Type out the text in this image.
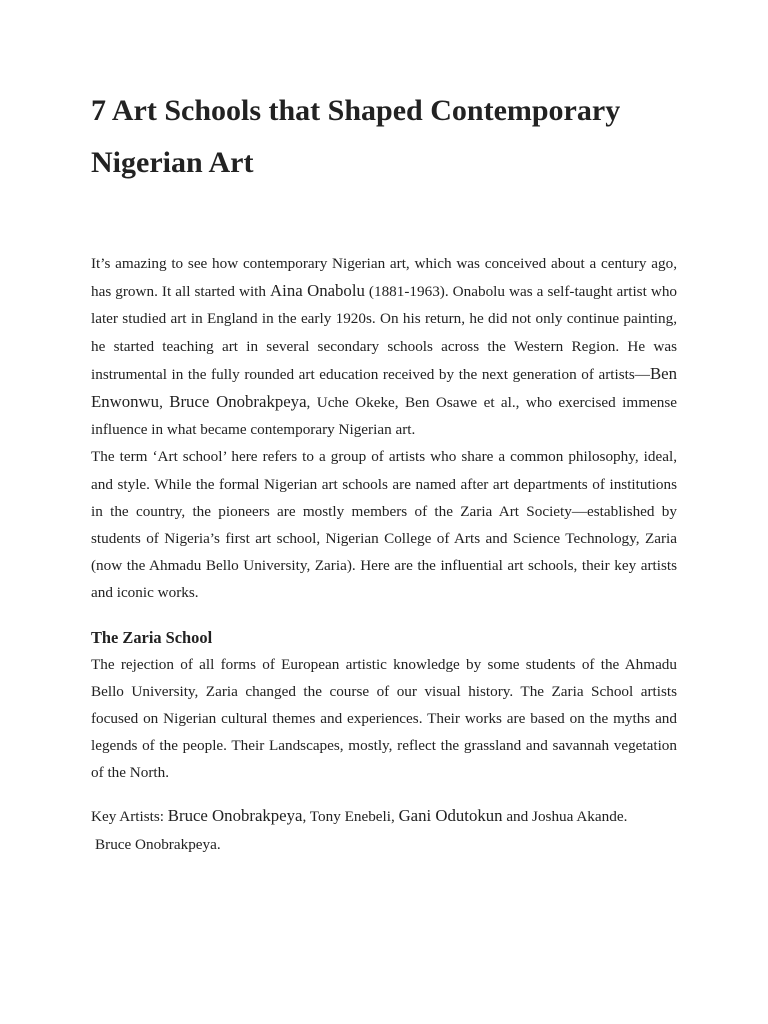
7 Art Schools that Shaped Contemporary Nigerian Art

It’s amazing to see how contemporary Nigerian art, which was conceived about a century ago, has grown. It all started with Aina Onabolu (1881-1963). Onabolu was a self-taught artist who later studied art in England in the early 1920s. On his return, he did not only continue painting, he started teaching art in several secondary schools across the Western Region. He was instrumental in the fully rounded art education received by the next generation of artists—Ben Enwonwu, Bruce Onobrakpeya, Uche Okeke, Ben Osawe et al., who exercised immense influence in what became contemporary Nigerian art.

The term ‘Art school’ here refers to a group of artists who share a common philosophy, ideal, and style. While the formal Nigerian art schools are named after art departments of institutions in the country, the pioneers are mostly members of the Zaria Art Society—established by students of Nigeria’s first art school, Nigerian College of Arts and Science Technology, Zaria (now the Ahmadu Bello University, Zaria). Here are the influential art schools, their key artists and iconic works.

The Zaria School

The rejection of all forms of European artistic knowledge by some students of the Ahmadu Bello University, Zaria changed the course of our visual history. The Zaria School artists focused on Nigerian cultural themes and experiences. Their works are based on the myths and legends of the people. Their Landscapes, mostly, reflect the grassland and savannah vegetation of the North.

Key Artists: Bruce Onobrakpeya, Tony Enebeli, Gani Odutokun and Joshua Akande.

Bruce Onobrakpeya.
